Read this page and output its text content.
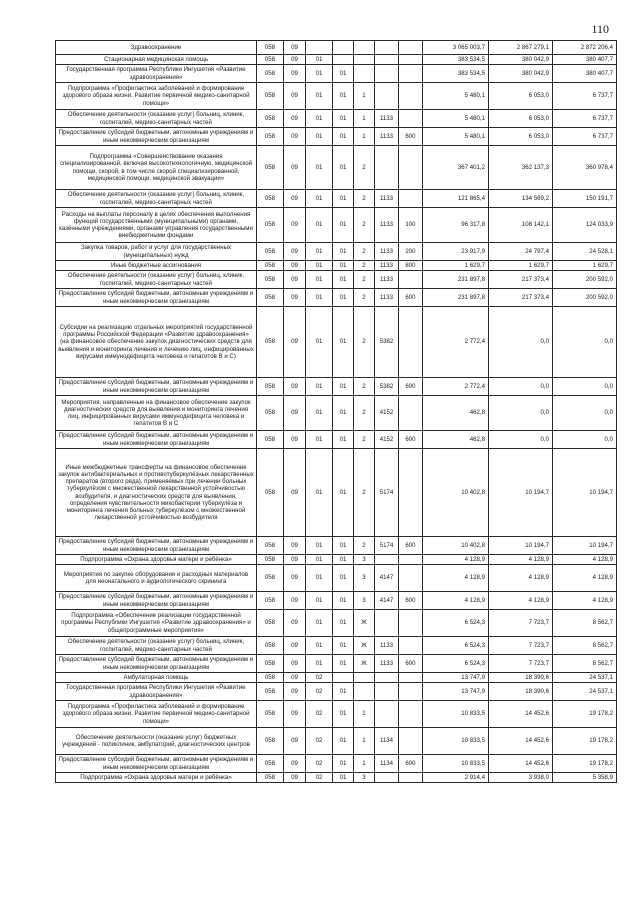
110
Здравоохранение	058	09						3 065 003,7	2 867 279,1	2 872 206,4
Стационарная медицинская помощь	058	09	01					383 534,5	380 042,9	380 407,7
Государственная программа Республики Ингушетия «Развитие здравоохранения»	058	09	01	01				383 534,5	380 042,9	380 407,7
Подпрограмма «Профилактика заболеваний и формирование здорового образа жизни. Развитие первичной медико-санитарной помощи»	058	09	01	01	1			5 480,1	6 053,0	6 737,7
Обеспечение деятельности (оказание услуг) больниц, клиник, госпиталей, медико-санитарных частей	058	09	01	01	1	1133		5 480,1	6 053,0	6 737,7
Предоставление субсидий бюджетным, автономным учреждениям и иным некоммерческим организациям	058	09	01	01	1	1133	600	5 480,1	6 053,0	6 737,7
Подпрограмма «Совершенствование оказания специализированной, включая высокотехнологичную, медицинской помощи, скорой, в том числе скорой специализированной, медицинской помощи, медицинской эвакуации»	058	09	01	01	2			367 401,2	362 137,3	360 978,4
Обеспечение деятельности (оказание услуг) больниц, клиник, госпиталей, медико-санитарных частей	058	09	01	01	2	1133		121 865,4	134 569,2	150 191,7
Расходы на выплаты персоналу в целях обеспечения выполнения функций государственными (муниципальными) органами, казёнными учреждениями, органами управления государственными внебюджетными фондами	058	09	01	01	2	1133	100	96 317,8	108 142,1	124 033,9
Закупка товаров, работ и услуг для государственных (муниципальных) нужд	058	09	01	01	2	1133	200	23 917,9	24 797,4	24 528,1
Иные бюджетные ассигнования	058	09	01	01	2	1133	800	1 629,7	1 629,7	1 629,7
Обеспечение деятельности (оказание услуг) больниц, клиник, госпиталей, медико-санитарных частей	058	09	01	01	2	1133		231 897,8	217 373,4	200 592,0
Предоставление субсидий бюджетным, автономным учреждениям и иным некоммерческим организациям	058	09	01	01	2	1133	600	231 897,8	217 373,4	200 592,0
Субсидии на реализацию отдельных мероприятий государственной программы Российской Федерации «Развитие здравоохранения» (на финансовое обеспечение закупок диагностических средств для выявления и мониторинга лечения и лечению лиц, инфицированных вирусами иммунодефицита человека и гепатитов В и С)	058	09	01	01	2	5382		2 772,4	0,0	0,0
Предоставление субсидий бюджетным, автономным учреждениям и иным некоммерческим организациям	058	09	01	01	2	5382	600	2 772,4	0,0	0,0
Мероприятия, направленные на финансовое обеспечение закупок диагностических средств для выявления и мониторинга лечения лиц, инфицированных вирусами иммунодефицита человека и гепатитов В и С	058	09	01	01	2	4152		462,8	0,0	0,0
Предоставление субсидий бюджетным, автономным учреждениям и иным некоммерческим организациям	058	09	01	01	2	4152	600	462,8	0,0	0,0
Иные межбюджетные трансферты на финансовое обеспечение закупок антибактериальных и противотуберкулёзных лекарственных препаратов (второго ряда), применяемых при лечении больных туберкулёзом с множественной лекарственной устойчивостью возбудителя, и диагностических средств для выявления, определения чувствительности микобактерии туберкулёза и мониторинга лечения больных туберкулёзом с множественной лекарственной устойчивостью возбудителя	058	09	01	01	2	5174		10 402,8	10 194,7	10 194,7
Предоставление субсидий бюджетным, автономным учреждениям и иным некоммерческим организациям	058	09	01	01	2	5174	600	10 402,8	10 194,7	10 194,7
Подпрограмма «Охрана здоровья матери и ребёнка»	058	09	01	01	3			4 128,9	4 128,9	4 128,9
Мероприятия по закупке оборудования и расходных материалов для неонатального и аудиологического скрининга	058	09	01	01	3	4147		4 128,9	4 128,9	4 128,9
Предоставление субсидий бюджетным, автономным учреждениям и иным некоммерческим организациям	058	09	01	01	3	4147	600	4 128,9	4 128,9	4 128,9
Подпрограмма «Обеспечение реализации государственной программы Республики Ингушетия «Развитие здравоохранения» и общепрограммные мероприятия»	058	09	01	01	Ж			6 524,3	7 723,7	8 562,7
Обеспечение деятельности (оказание услуг) больниц, клиник, госпиталей, медико-санитарных частей	058	09	01	01	Ж	1133		6 524,3	7 723,7	8 562,7
Предоставление субсидий бюджетным, автономным учреждениям и иным некоммерческим организациям	058	09	01	01	Ж	1133	600	6 524,3	7 723,7	8 562,7
Амбулаторная помощь	058	09	02					13 747,9	18 390,6	24 537,1
Государственная программа Республики Ингушетия «Развитие здравоохранения»	058	09	02	01				13 747,9	18 390,6	24 537,1
Подпрограмма «Профилактика заболеваний и формирование здорового образа жизни. Развитие первичной медико-санитарной помощи»	058	09	02	01	1			10 833,5	14 452,6	19 178,2
Обеспечение деятельности (оказание услуг) бюджетных учреждений - поликлиник, амбулаторий, диагностических центров	058	09	02	01	1	1134		10 833,5	14 452,6	19 178,2
Предоставление субсидий бюджетным, автономным учреждениям и иным некоммерческим организациям	058	09	02	01	1	1134	600	10 833,5	14 452,6	19 178,2
Подпрограмма «Охрана здоровья матери и ребёнка»	058	09	02	01	3			2 914,4	3 938,0	5 358,9
